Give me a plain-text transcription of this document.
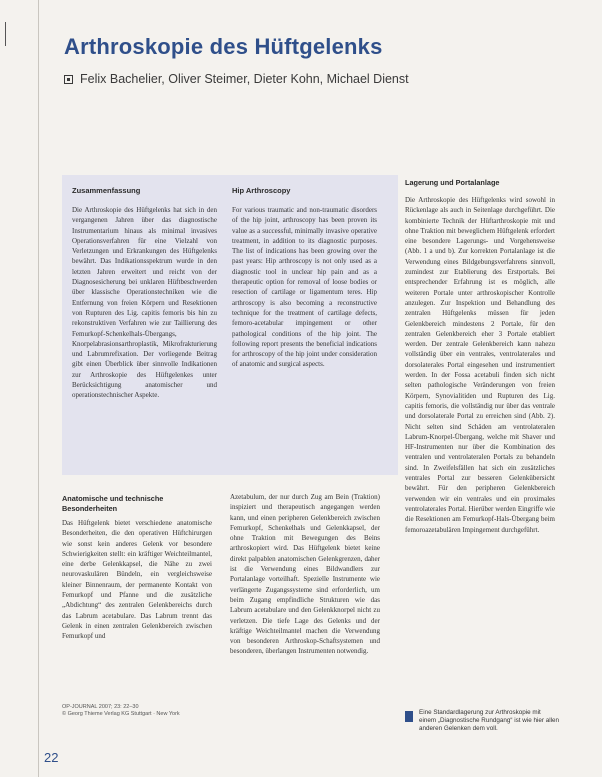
Arthroskopie des Hüftgelenks
Felix Bachelier, Oliver Steimer, Dieter Kohn, Michael Dienst
Zusammenfassung

Die Arthroskopie des Hüftgelenks hat sich in den vergangenen Jahren über das diagnostische Instrumentarium hinaus als minimal invasives Operationsverfahren für eine Vielzahl von Verletzungen und Erkrankungen des Hüftgelenks bewährt. Das Indikationsspektrum wurde in den letzten Jahren erweitert und reicht von der Diagnosesicherung bei unklaren Hüftbeschwerden über klassische Operationstechniken wie die Entfernung von freien Körpern und Resektionen von Rupturen des Lig. capitis femoris bis hin zu rekonstruktiven Verfahren wie zur Taillierung des Femurkopf-Schenkelhals-Übergangs, Knorpelabrasionsarthroplastik, Mikrofrakturierung und Labrumrefixation. Der vorliegende Beitrag gibt einen Überblick über sinnvolle Indikationen zur Arthroskopie des Hüftgelenkes unter Berücksichtigung anatomischer und operationstechnischer Aspekte.

Hip Arthroscopy

For various traumatic and non-traumatic disorders of the hip joint, arthroscopy has been proven its value as a successful, minimally invasive operative treatment, in addition to its diagnostic purposes. The list of indications has been growing over the past years: Hip arthroscopy is not only used as a diagnostic tool in unclear hip pain and as a therapeutic option for removal of loose bodies or resection of cartilage or ligamentum teres. Hip arthroscopy is also becoming a reconstructive technique for the treatment of cartilage defects, femoro-acetabular impingement or other pathological conditions of the hip joint. The following report presents the beneficial indications for arthroscopy of the hip joint under consideration of anatomic and surgical aspects.

Lagerung und Portalanlage

Die Arthroskopie des Hüftgelenks wird sowohl in Rückenlage als auch in Seitenlage durchgeführt. Die kombinierte Technik der Hüftarthroskopie mit und ohne Traktion mit beweglichem Hüftgelenk erfordert eine besondere Lagerungs- und Vorgehensweise (Abb. 1 a und b). Zur korrekten Portalanlage ist die Verwendung eines Bildgebungsverfahrens sinnvoll, zumindest zur Etablierung des Erstportals. Bei entsprechender Erfahrung ist es möglich, alle weiteren Portale unter arthroskopischer Kontrolle anzulegen. Zur Inspektion und Behandlung des zentralen Hüftgelenks müssen für jeden Gelenkbereich mindestens 2 Portale, für den zentralen Gelenkbereich eher 3 Portale etabliert werden. Der zentrale Gelenkbereich kann nahezu vollständig über ein ventrales, ventrolaterales und dorsolaterales Portal eingesehen und instrumentiert werden. In der Fossa acetabuli finden sich nicht selten pathologische Veränderungen von freien Körpern, Synovialitiden und Rupturen des Lig. capitis femoris, die vollständig nur über das ventrale und dorsolaterale Portal zu erreichen sind (Abb. 2). Nicht selten sind Schäden am ventrolateralen Labrum-Knorpel-Übergang, welche mit Shaver und HF-Instrumenten nur über die Kombination des ventralen und ventrolateralen Portals zu behandeln sind. In Zweifelsfällen hat sich ein zusätzliches ventrales Portal zur besseren Gelenkübersicht bewährt. Für den peripheren Gelenkbereich verwenden wir ein ventrales und ein proximales ventrolaterales Portal. Hierüber werden Eingriffe wie die Resektionen am Femurkopf-Hals-Übergang beim femoroazetabulären Impingement durchgeführt.

Anatomische und technische Besonderheiten

Das Hüftgelenk bietet verschiedene anatomische Besonderheiten, die den operativen Hüftchirurgen wie sonst kein anderes Gelenk vor besondere Schwierigkeiten stellt: ein kräftiger Weichteilmantel, eine derbe Gelenkkapsel, die Nähe zu zwei neurovaskulären Bündeln, ein vergleichsweise kleiner Binnenraum, der permanente Kontakt von Femurkopf und Pfanne und die zusätzliche „Abdichtung“ des zentralen Gelenkbereichs durch das Labrum acetabulare. Das Labrum trennt das Gelenk in einen zentralen Gelenkbereich zwischen Femurkopf und

Azetabulum, der nur durch Zug am Bein (Traktion) inspiziert und therapeutisch angegangen werden kann, und einen peripheren Gelenkbereich zwischen Femurkopf, Schenkelhals und Gelenkkapsel, der ohne Traktion mit Bewegungen des Beins arthroskopiert wird. Das Hüftgelenk bietet keine direkt palpablen anatomischen Gelenkgrenzen, daher ist die Verwendung eines Bildwandlers zur Portalanlage vorteilhaft. Spezielle Instrumente wie verlängerte Zugangssysteme sind erforderlich, um beim Zugang empfindliche Strukturen wie das Labrum acetabulare und den Gelenkknorpel nicht zu verletzen. Die tiefe Lage des Gelenks und der kräftige Weichteilmantel machen die Verwendung von besonderen Arthroskop-Schaftsystemen und besonderen, überlangen Instrumenten notwendig.

Eine Standardlagerung zur Arthroskopie mit einem „Diagnostische Rundgang“ ist wie hier allen anderen Gelenken dem voll.
OP-JOURNAL 2007; 23: 22–30
© Georg Thieme Verlag KG Stuttgart · New York
22
